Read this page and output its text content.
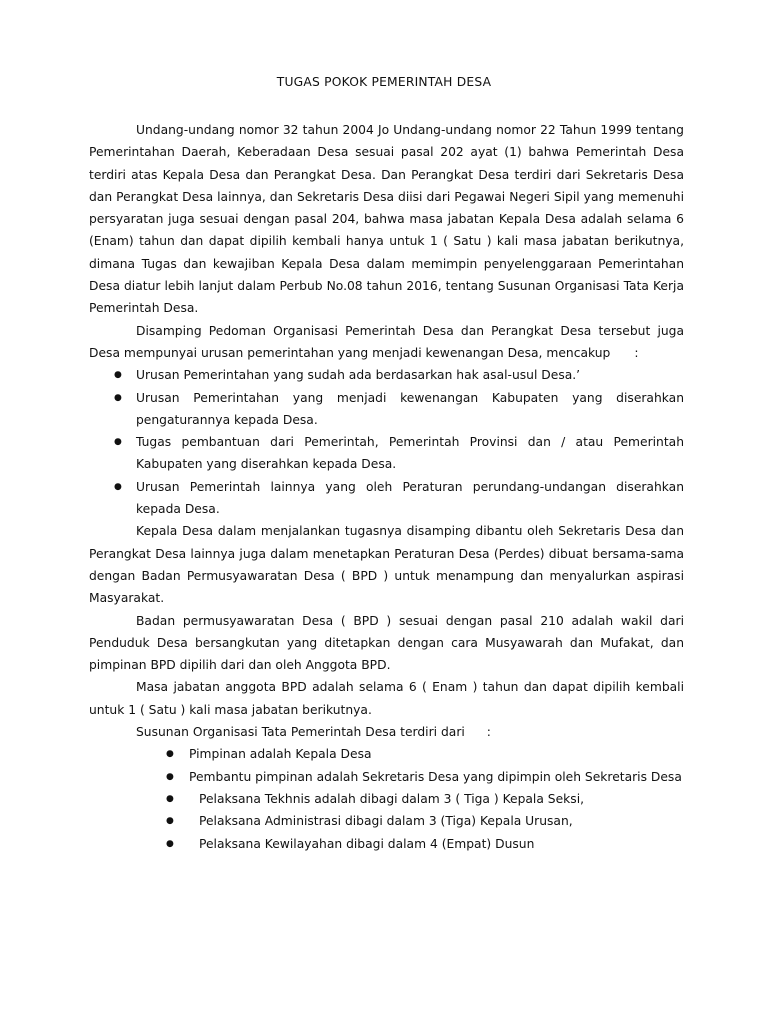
TUGAS POKOK PEMERINTAH DESA

Undang-undang nomor 32 tahun 2004 Jo Undang-undang nomor 22 Tahun 1999 tentang Pemerintahan Daerah, Keberadaan Desa sesuai pasal 202 ayat (1) bahwa Pemerintah Desa terdiri atas Kepala Desa dan Perangkat Desa. Dan Perangkat Desa terdiri dari Sekretaris Desa dan Perangkat Desa lainnya, dan Sekretaris Desa diisi dari Pegawai Negeri Sipil yang memenuhi persyaratan juga sesuai dengan pasal 204, bahwa masa jabatan Kepala Desa adalah selama 6 (Enam) tahun dan dapat dipilih kembali hanya untuk 1 ( Satu ) kali masa jabatan berikutnya, dimana Tugas dan kewajiban Kepala Desa dalam memimpin penyelenggaraan Pemerintahan Desa diatur lebih lanjut dalam Perbub No.08 tahun 2016, tentang Susunan Organisasi Tata Kerja Pemerintah Desa.

Disamping Pedoman Organisasi Pemerintah Desa dan Perangkat Desa tersebut juga Desa mempunyai urusan pemerintahan yang menjadi kewenangan Desa, mencakup :

● Urusan Pemerintahan yang sudah ada berdasarkan hak asal-usul Desa.’
● Urusan Pemerintahan yang menjadi kewenangan Kabupaten yang diserahkan pengaturannya kepada Desa.
● Tugas pembantuan dari Pemerintah, Pemerintah Provinsi dan / atau Pemerintah Kabupaten yang diserahkan kepada Desa.
● Urusan Pemerintah lainnya yang oleh Peraturan perundang-undangan diserahkan kepada Desa.

Kepala Desa dalam menjalankan tugasnya disamping dibantu oleh Sekretaris Desa dan Perangkat Desa lainnya juga dalam menetapkan Peraturan Desa (Perdes) dibuat bersama-sama dengan Badan Permusyawaratan Desa ( BPD ) untuk menampung dan menyalurkan aspirasi Masyarakat.

Badan permusyawaratan Desa ( BPD ) sesuai dengan pasal 210 adalah wakil dari Penduduk Desa bersangkutan yang ditetapkan dengan cara Musyawarah dan Mufakat, dan pimpinan BPD dipilih dari dan oleh Anggota BPD.

Masa jabatan anggota BPD adalah selama 6 ( Enam ) tahun dan dapat dipilih kembali untuk 1 ( Satu ) kali masa jabatan berikutnya.

Susunan Organisasi Tata Pemerintah Desa terdiri dari :

● Pimpinan adalah Kepala Desa
● Pembantu pimpinan adalah Sekretaris Desa yang dipimpin oleh Sekretaris Desa
● Pelaksana Tekhnis adalah dibagi dalam 3 ( Tiga ) Kepala Seksi,
● Pelaksana Administrasi dibagi dalam 3 (Tiga) Kepala Urusan,
● Pelaksana Kewilayahan dibagi dalam 4 (Empat) Dusun
